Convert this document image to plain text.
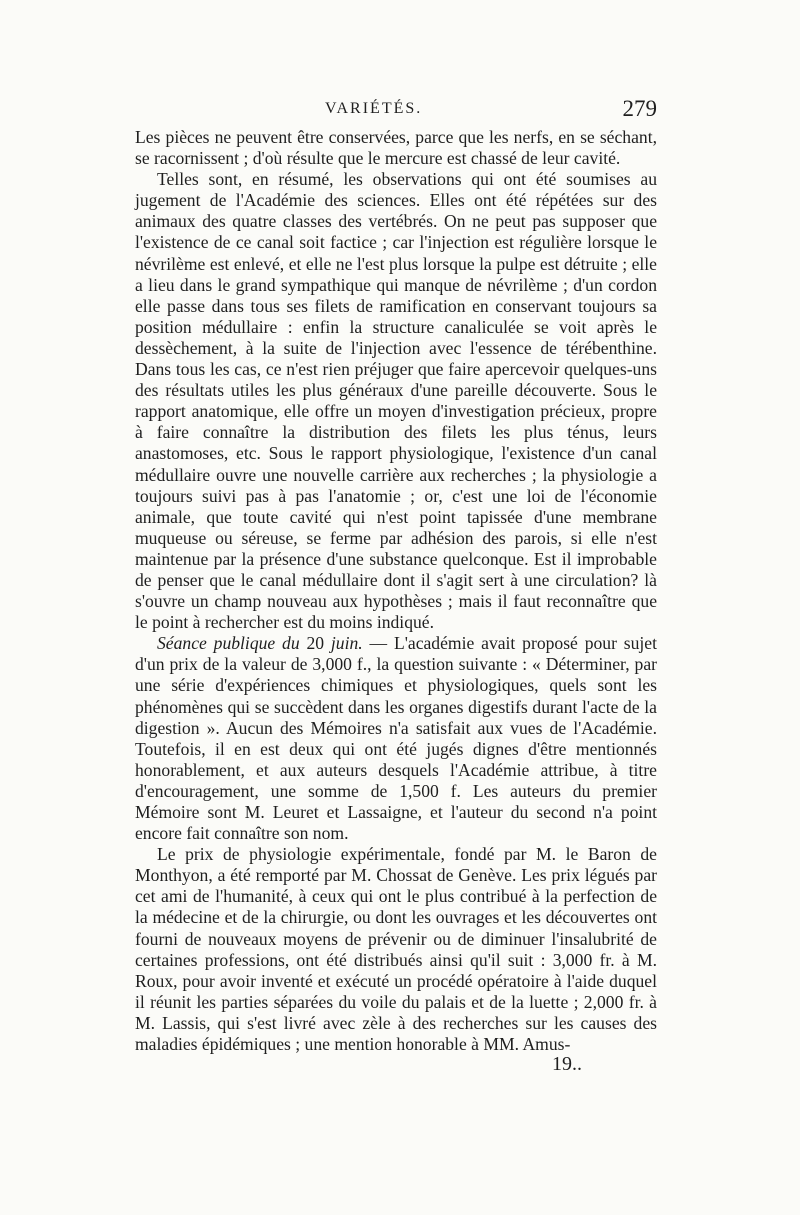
VARIÉTÉS.	279

Les pièces ne peuvent être conservées, parce que les nerfs, en se séchant, se racornissent ; d'où résulte que le mercure est chassé de leur cavité.

Telles sont, en résumé, les observations qui ont été soumises au jugement de l'Académie des sciences. Elles ont été répétées sur des animaux des quatre classes des vertébrés. On ne peut pas supposer que l'existence de ce canal soit factice ; car l'injection est régulière lorsque le névrilème est enlevé, et elle ne l'est plus lorsque la pulpe est détruite ; elle a lieu dans le grand sympathique qui manque de névrilème ; d'un cordon elle passe dans tous ses filets de ramification en conservant toujours sa position médullaire : enfin la structure canaliculée se voit après le dessèchement, à la suite de l'injection avec l'essence de térébenthine. Dans tous les cas, ce n'est rien préjuger que faire apercevoir quelques-uns des résultats utiles les plus généraux d'une pareille découverte. Sous le rapport anatomique, elle offre un moyen d'investigation précieux, propre à faire connaître la distribution des filets les plus ténus, leurs anastomoses, etc. Sous le rapport physiologique, l'existence d'un canal médullaire ouvre une nouvelle carrière aux recherches ; la physiologie a toujours suivi pas à pas l'anatomie ; or, c'est une loi de l'économie animale, que toute cavité qui n'est point tapissée d'une membrane muqueuse ou séreuse, se ferme par adhésion des parois, si elle n'est maintenue par la présence d'une substance quelconque. Est il improbable de penser que le canal médullaire dont il s'agit sert à une circulation? là s'ouvre un champ nouveau aux hypothèses ; mais il faut reconnaître que le point à rechercher est du moins indiqué.

Séance publique du 20 juin. — L'académie avait proposé pour sujet d'un prix de la valeur de 3,000 f., la question suivante : « Déterminer, par une série d'expériences chimiques et physiologiques, quels sont les phénomènes qui se succèdent dans les organes digestifs durant l'acte de la digestion ». Aucun des Mémoires n'a satisfait aux vues de l'Académie. Toutefois, il en est deux qui ont été jugés dignes d'être mentionnés honorablement, et aux auteurs desquels l'Académie attribue, à titre d'encouragement, une somme de 1,500 f. Les auteurs du premier Mémoire sont M. Leuret et Lassaigne, et l'auteur du second n'a point encore fait connaître son nom.

Le prix de physiologie expérimentale, fondé par M. le Baron de Monthyon, a été remporté par M. Chossat de Genève. Les prix légués par cet ami de l'humanité, à ceux qui ont le plus contribué à la perfection de la médecine et de la chirurgie, ou dont les ouvrages et les découvertes ont fourni de nouveaux moyens de prévenir ou de diminuer l'insalubrité de certaines professions, ont été distribués ainsi qu'il suit : 3,000 fr. à M. Roux, pour avoir inventé et exécuté un procédé opératoire à l'aide duquel il réunit les parties séparées du voile du palais et de la luette ; 2,000 fr. à M. Lassis, qui s'est livré avec zèle à des recherches sur les causes des maladies épidémiques ; une mention honorable à MM. Amus-

19..
